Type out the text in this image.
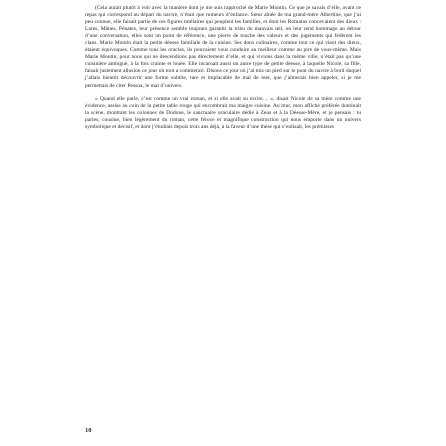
(Cela aurait plutôt à voir avec la manière dont je me suis rapproché de Marie Montin. Ce que je savais d’elle, avant ce repas qui correspond au départ du navire, n’était que rumeurs d’enfance. Sœur aînée de ma grand-mère Albertine, que j’ai peu connue, elle faisait partie de ces figures tutélaires qui peuplent les familles, et dont les Romains concevaient des dieux : Lares, Mânes, Pénates, leur présence semble toujours garantir la tribu du mauvais œil, on leur rend hommage au détour d’une conversation, elles sont un point de référence, une pierre de touche des valeurs et des jugements qui fédèrent les clans. Marie Montin était la petite déesse familiale de la cuisine. Ses dons culinaires, comme tout ce qui vient des dieux, étaient équivoques. Comme tous les oracles, ils pouvaient vous conduire au meilleur comme au pire de vous-même. Mais Marie Montin, pour nous qui ne descendions pas directement d’elle, et qui vivions dans la même ville, n’était pas qu’une cuisinière ambiguë, à la fois crainte et louée. Elle incarnait aussi un autre type de petite déesse, à laquelle Nicole, sa fille, faisait justement allusion ce jour où tout a commencé. Disons ce jour où j’ai mis un pied sur le pont du navire à bord duquel j’allais bientôt découvrir une forme subtile, rare et implacable de mal de mer, que j’aimerais bien appeler, si je me permettais de citer Pessoa, le mal d’univers.

« Quand elle parle, c’est comme un vrai roman, et si elle avait su écrire… », disait Nicole de sa mère comme une évidence, assise au coin de la petite table rouge qui encombrait ma maigre cuisine. Au mur, mon affiche préférée dominait la scène, montrant les colonnes de Dodone, le sanctuaire oraculaire dédié à Zeus et à la Déesse-Mère, et je pensais : tu parles, cousine, bien légèrement du roman, cette féroce et magnifique construction qui nous emporte dans un univers symbolique et décisif, et dont j’étudiais depuis trois ans déjà, à la faveur d’une thèse qui s’enlisait, les prémisses

10
